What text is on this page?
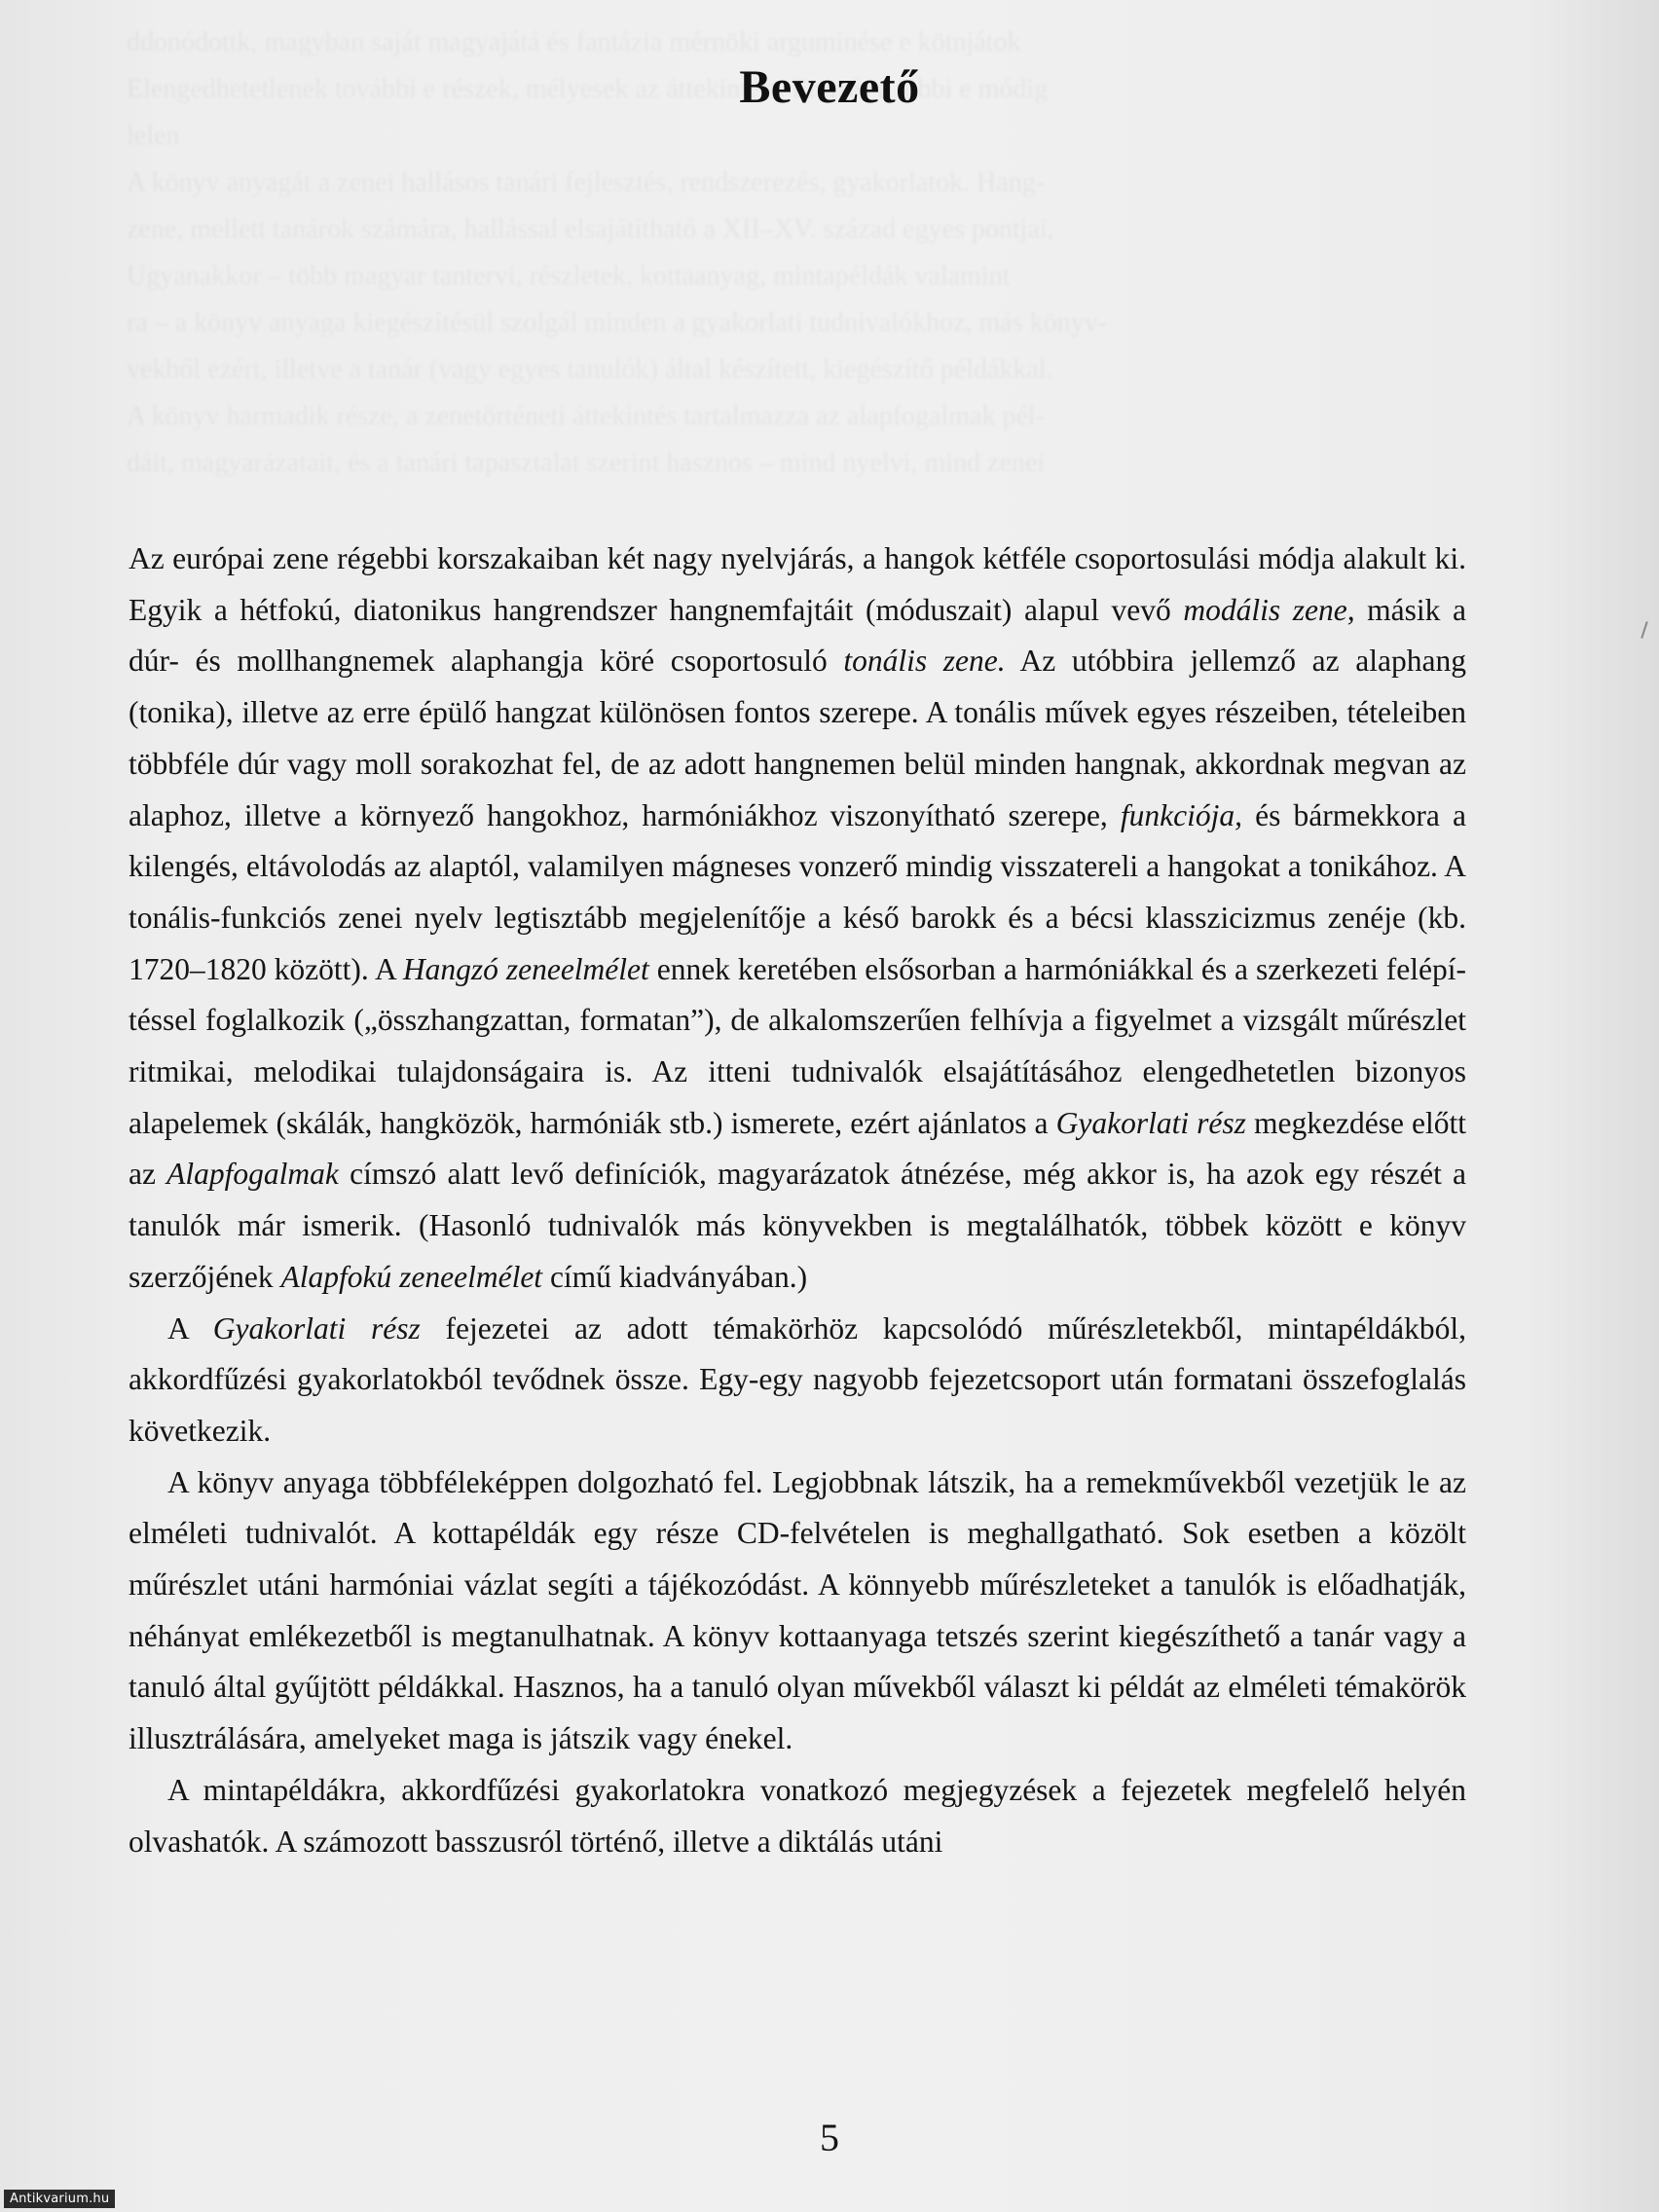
Bevezető

Az európai zene régebbi korszakaiban két nagy nyelvjárás, a hangok kétféle csoportosulási módja alakult ki. Egyik a hétfokú, diatonikus hangrendszer hangnemfajtáit (móduszait) alapul vevő modális zene, másik a dúr- és mollhangnemek alaphangja köré csoportosuló tonális zene. Az utóbbira jellemző az alaphang (tonika), illetve az erre épülő hangzat különösen fontos szerepe. A tonális művek egyes részeiben, tételeiben többféle dúr vagy moll sorakozhat fel, de az adott hangnemen belül minden hangnak, akkordnak megvan az alaphoz, illetve a környező hangokhoz, harmóniákhoz viszonyítható szerepe, funkciója, és bármekkora a kilengés, eltávolodás az alaptól, valamilyen mágneses vonzerő mindig visszatereli a hangokat a tonikához. A tonális-funkciós zenei nyelv legtisztább megjelenítője a késő barokk és a bécsi klasszicizmus zenéje (kb. 1720–1820 között). A Hangzó zeneelmélet ennek keretében elsősorban a harmóniákkal és a szerkezeti felépítéssel foglalkozik („összhangzattan, formatan”), de alkalomszerűen felhívja a figyelmet a vizsgált műrészlet ritmikai, melodikai tulajdonságaira is. Az itteni tudnivalók elsajátításához elengedhetetlen bizonyos alapelemek (skálák, hangközök, harmóniák stb.) ismerete, ezért ajánlatos a Gyakorlati rész megkezdése előtt az Alapfogalmak címszó alatt levő definíciók, magyarázatok átnézése, még akkor is, ha azok egy részét a tanulók már ismerik. (Hasonló tudnivalók más könyvekben is megtalálhatók, többek között e könyv szerzőjének Alapfokú zeneelmélet című kiadványában.)

A Gyakorlati rész fejezetei az adott témakörhöz kapcsolódó műrészletekből, mintapéldákból, akkordfűzési gyakorlatokból tevődnek össze. Egy-egy nagyobb fejezetcsoport után formatani összefoglalás következik.

A könyv anyaga többféleképpen dolgozható fel. Legjobbnak látszik, ha a remekművekből vezetjük le az elméleti tudnivalót. A kottapéldák egy része CD-felvételen is meghallgatható. Sok esetben a közölt műrészlet utáni harmóniai vázlat segíti a tájékozódást. A könnyebb műrészleteket a tanulók is előadhatják, néhányat emlékezetből is megtanulhatnak. A könyv kottaanyaga tetszés szerint kiegészíthető a tanár vagy a tanuló által gyűjtött példákkal. Hasznos, ha a tanuló olyan művekből választ ki példát az elméleti témakörök illusztrálására, amelyeket maga is játszik vagy énekel.

A mintapéldákra, akkordfűzési gyakorlatokra vonatkozó megjegyzések a fejezetek megfelelő helyén olvashatók. A számozott basszusról történő, illetve a diktálás utáni

5
Antikvarium.hu
